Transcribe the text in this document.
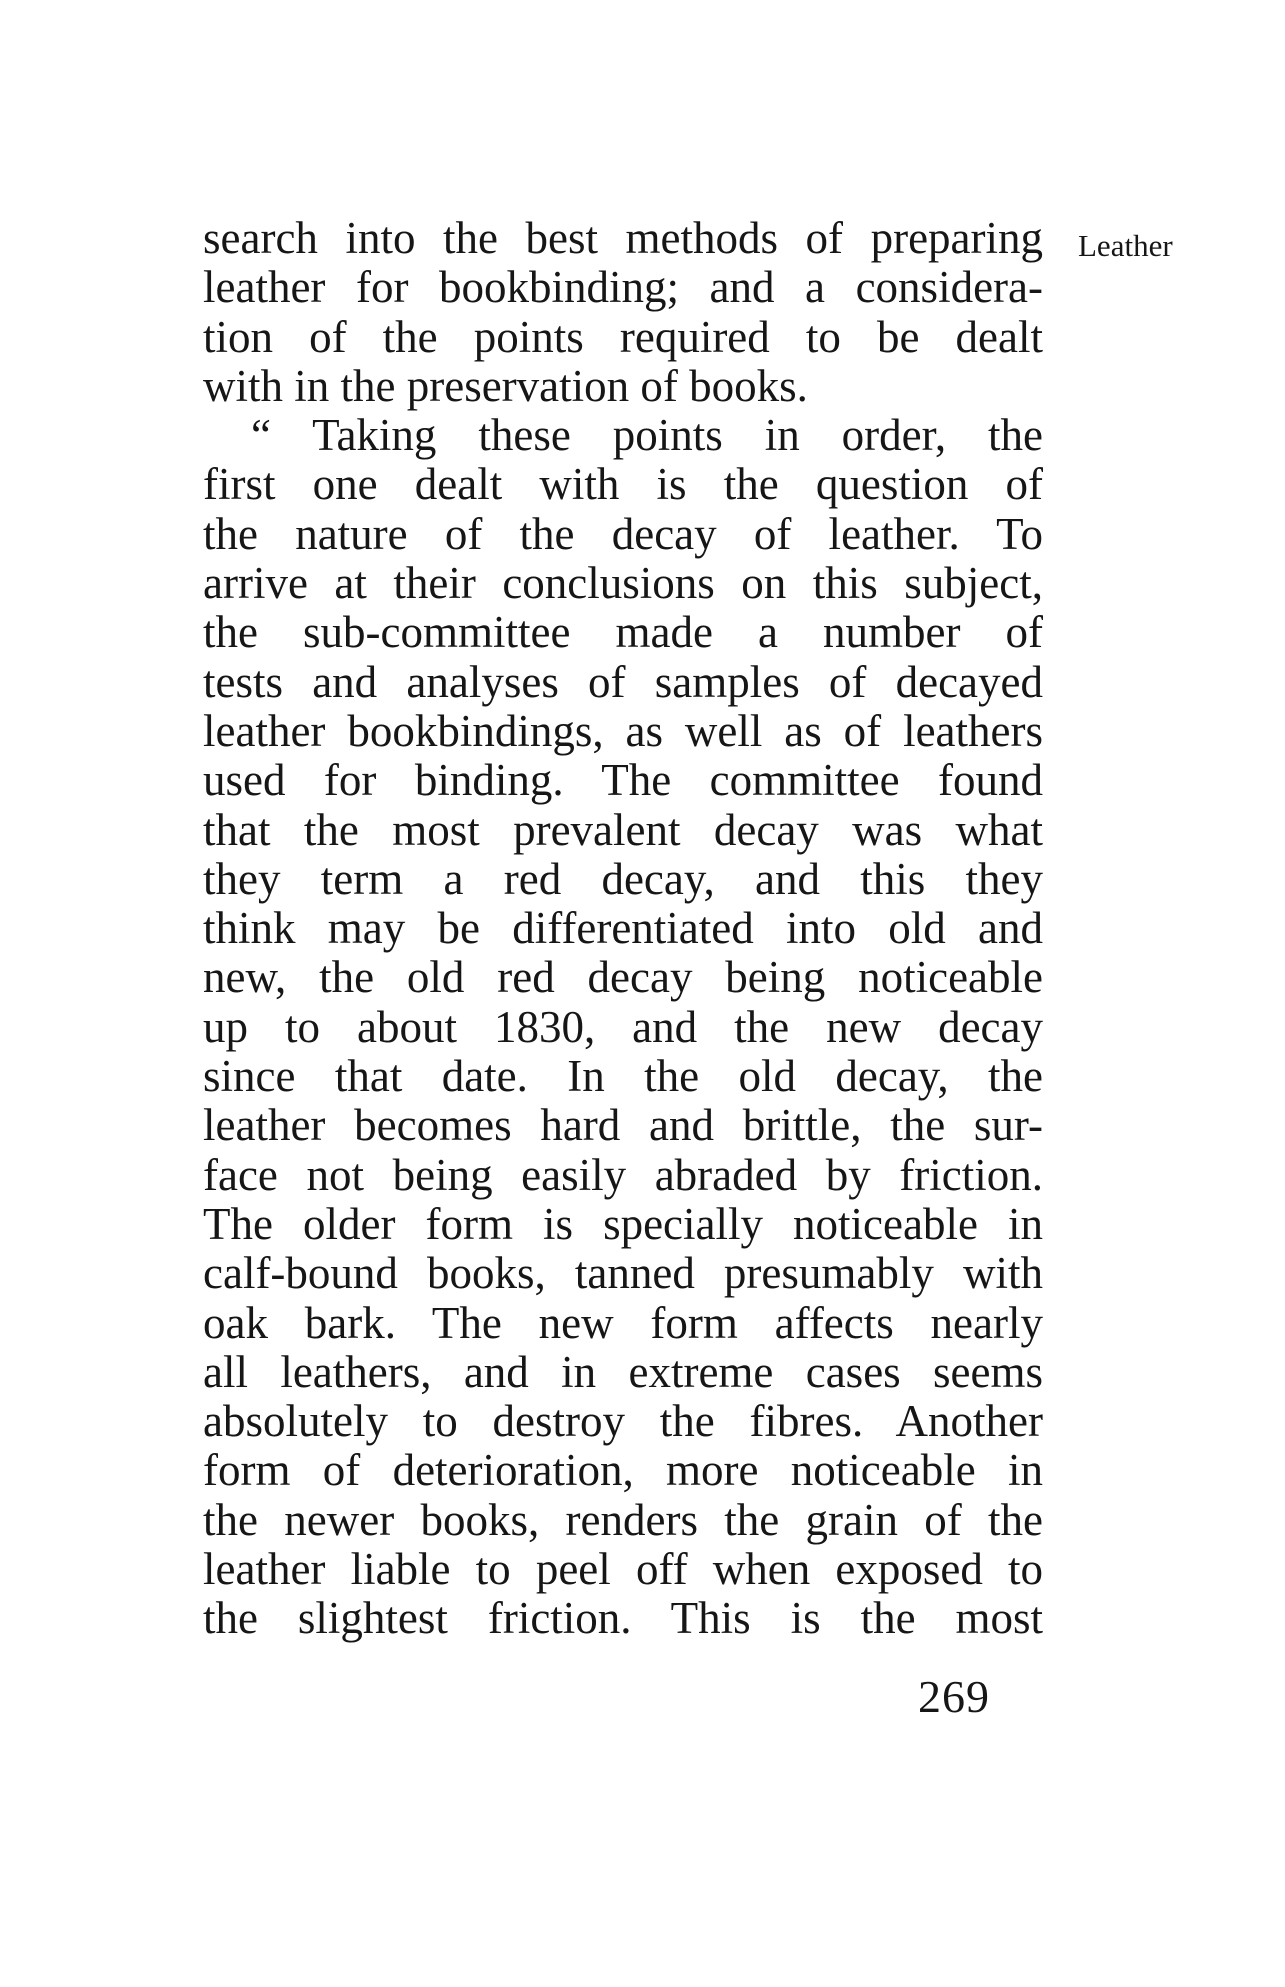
Leather
search into the best methods of preparing
leather for bookbinding; and a considera-
tion of the points required to be dealt
with in the preservation of books.
“ Taking these points in order, the
first one dealt with is the question of
the nature of the decay of leather. To
arrive at their conclusions on this subject,
the sub-committee made a number of
tests and analyses of samples of decayed
leather bookbindings, as well as of leathers
used for binding. The committee found
that the most prevalent decay was what
they term a red decay, and this they
think may be differentiated into old and
new, the old red decay being noticeable
up to about 1830, and the new decay
since that date. In the old decay, the
leather becomes hard and brittle, the sur-
face not being easily abraded by friction.
The older form is specially noticeable in
calf-bound books, tanned presumably with
oak bark. The new form affects nearly
all leathers, and in extreme cases seems
absolutely to destroy the fibres. Another
form of deterioration, more noticeable in
the newer books, renders the grain of the
leather liable to peel off when exposed to
the slightest friction. This is the most
269
